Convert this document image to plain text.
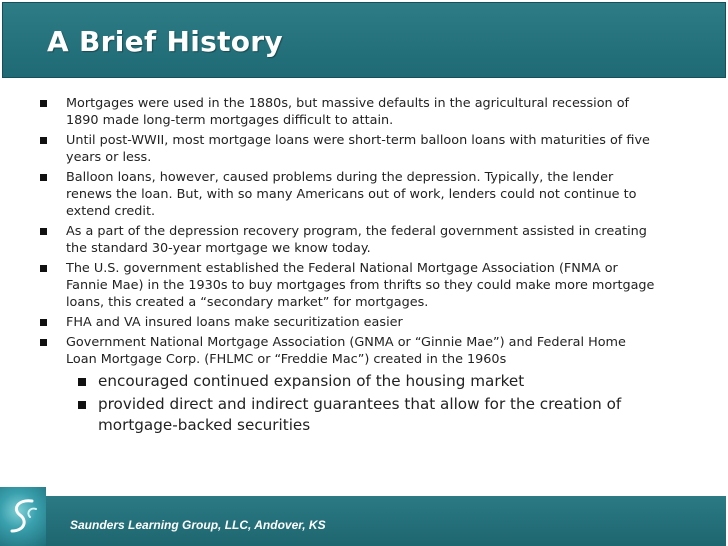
A Brief History
Mortgages were used in the 1880s, but massive defaults in the agricultural recession of 1890 made long-term mortgages difficult to attain.
Until post-WWII, most mortgage loans were short-term balloon loans with maturities of five years or less.
Balloon loans, however, caused problems during the depression. Typically, the lender renews the loan. But, with so many Americans out of work, lenders could not continue to extend credit.
As a part of the depression recovery program, the federal government assisted in creating the standard 30-year mortgage we know today.
The U.S. government established the Federal National Mortgage Association (FNMA or Fannie Mae) in the 1930s to buy mortgages from thrifts so they could make more mortgage loans, this created a “secondary market” for mortgages.
FHA and VA insured loans make securitization easier
Government National Mortgage Association (GNMA or “Ginnie Mae”) and Federal Home Loan Mortgage Corp. (FHLMC or “Freddie Mac”) created in the 1960s
encouraged continued expansion of the housing market
provided direct and indirect guarantees that allow for the creation of mortgage-backed securities
Saunders Learning Group, LLC, Andover, KS
